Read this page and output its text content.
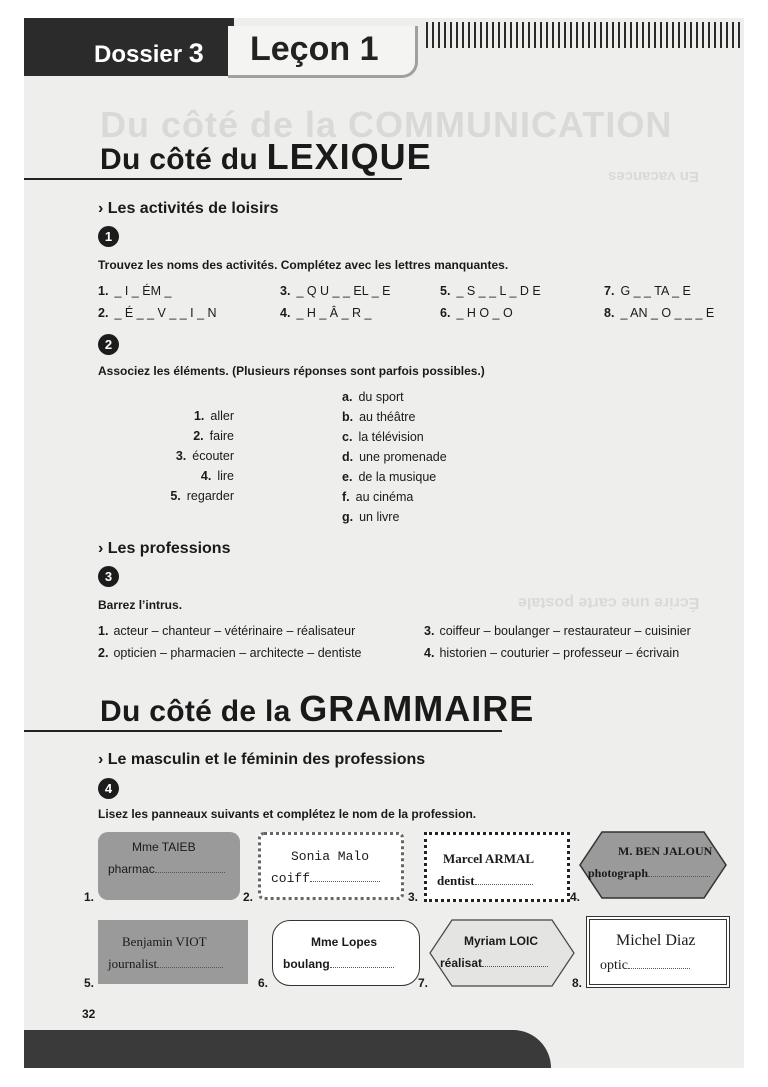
Du côté de la COMMUNICATION
En vacances
Écrire une carte postale
Dossier 3 Leçon 1
Du côté du LEXIQUE
› Les activités de loisirs
1
Trouvez les noms des activités. Complétez avec les lettres manquantes.
1. _ I _ ÉM _	3. _ Q U _ _ EL _ E	5. _ S _ _ L _ D E	7. G _ _ TA _ E
2. _ É _ _ V _ _ I _ N	4. _ H _ Â _ R _	6. _ H O _ O	8. _ AN _ O _ _ _ E
2
Associez les éléments. (Plusieurs réponses sont parfois possibles.)
1. aller
2. faire
3. écouter
4. lire
5. regarder
a. du sport
b. au théâtre
c. la télévision
d. une promenade
e. de la musique
f. au cinéma
g. un livre
› Les professions
3
Barrez l’intrus.
1. acteur – chanteur – vétérinaire – réalisateur
2. opticien – pharmacien – architecte – dentiste
3. coiffeur – boulanger – restaurateur – cuisinier
4. historien – couturier – professeur – écrivain
Du côté de la GRAMMAIRE
› Le masculin et le féminin des professions
4
Lisez les panneaux suivants et complétez le nom de la profession.
1.
Mme TAIEB
pharmac
2.
Sonia Malo
coiff
3.
Marcel ARMAL
dentist
4.
M. BEN JALOUN
photograph
5.
Benjamin VIOT
journalist
6.
Mme Lopes
boulang
7.
Myriam LOIC
réalisat
8.
Michel Diaz
optic
32
